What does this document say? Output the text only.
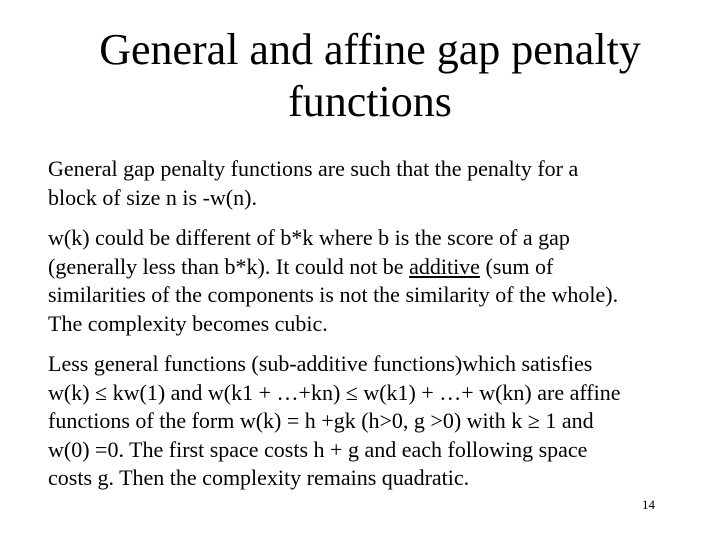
General and affine gap penalty
functions

General gap penalty functions are such that the penalty for a
block of size n is -w(n).

w(k) could be different of b*k where b is the score of a gap
(generally less than b*k). It could not be additive (sum of
similarities of the components is not the similarity of the whole).
The complexity becomes cubic.

Less general functions (sub-additive functions)which satisfies
w(k) ≤ kw(1) and w(k1 + …+kn) ≤ w(k1) + …+ w(kn) are affine
functions of the form w(k) = h +gk (h>0, g >0) with k ≥ 1 and
w(0) =0. The first space costs h + g and each following space
costs g. Then the complexity remains quadratic.

14
